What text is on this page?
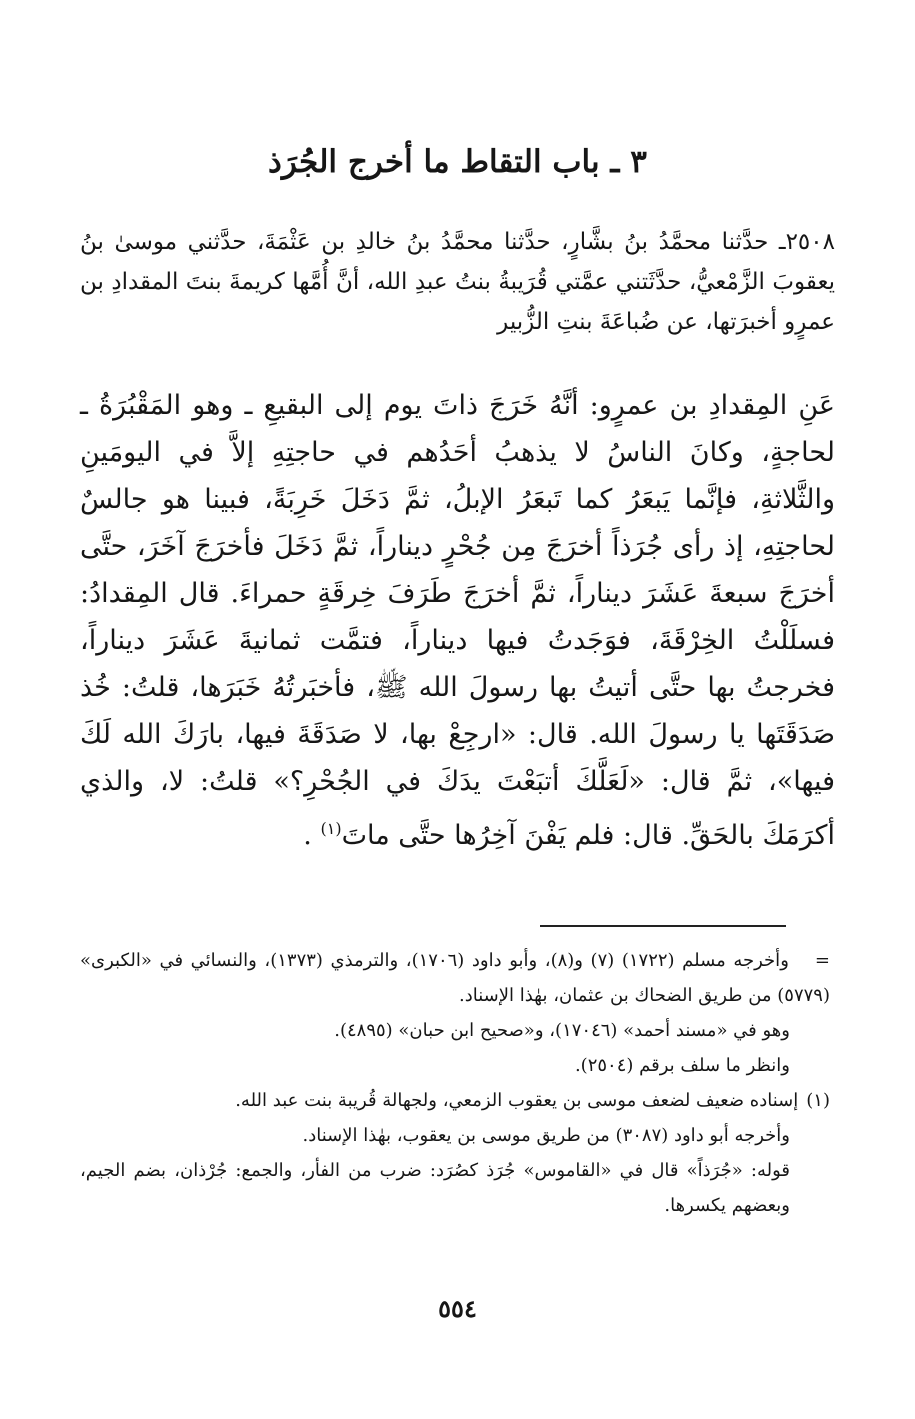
٣ ـ باب التقاط ما أخرج الجُرَذ

٢٥٠٨ـ حدَّثنا محمَّدُ بنُ بشَّارٍ، حدَّثنا محمَّدُ بنُ خالدِ بن عَثْمَةَ، حدَّثني موسىٰ بنُ يعقوبَ الزَّمْعيُّ، حدَّثَتني عمَّتي قُرَيبةُ بنتُ عبدِ الله، أنَّ أُمَّها كريمةَ بنتَ المقدادِ بن عمرٍو أخبرَتها، عن ضُباعَةَ بنتِ الزُّبير

عَنِ المِقدادِ بن عمرٍو: أنَّهُ خَرَجَ ذاتَ يوم إلى البقيعِ ـ وهو المَقْبُرَةُ ـ لحاجةٍ، وكانَ الناسُ لا يذهبُ أحَدُهم في حاجتِهِ إلاَّ في اليومَينِ والثَّلاثةِ، فإنَّما يَبعَرُ كما تَبعَرُ الإبلُ، ثمَّ دَخَلَ خَرِبَةً، فبينا هو جالسٌ لحاجتِهِ، إذ رأى جُرَذاً أخرَجَ مِن جُحْرٍ ديناراً، ثمَّ دَخَلَ فأخرَجَ آخَرَ، حتَّى أخرَجَ سبعةَ عَشَرَ ديناراً، ثمَّ أخرَجَ طَرَفَ خِرقَةٍ حمراءَ. قال المِقدادُ: فسلَلْتُ الخِرْقَةَ، فوَجَدتُ فيها ديناراً، فتمَّت ثمانيةَ عَشَرَ ديناراً، فخرجتُ بها حتَّى أتيتُ بها رسولَ الله ﷺ، فأخبَرتُهُ خَبَرَها، قلتُ: خُذ صَدَقَتَها يا رسولَ الله. قال: «ارجِعْ بها، لا صَدَقَةَ فيها، بارَكَ الله لَكَ فيها»، ثمَّ قال: «لَعَلَّكَ أتبَعْتَ يدَكَ في الجُحْرِ؟» قلتُ: لا، والذي أكرَمَكَ بالحَقِّ. قال: فلم يَفْنَ آخِرُها حتَّى ماتَ$^{(١)}$ .

=وأخرجه مسلم (١٧٢٢) (٧) و(٨)، وأبو داود (١٧٠٦)، والترمذي (١٣٧٣)، والنسائي في «الكبرى» (٥٧٧٩) من طريق الضحاك بن عثمان، بهٰذا الإسناد.

وهو في «مسند أحمد» (١٧٠٤٦)، و«صحيح ابن حبان» (٤٨٩٥).

وانظر ما سلف برقم (٢٥٠٤).

(١)إسناده ضعيف لضعف موسى بن يعقوب الزمعي، ولجهالة قُريبة بنت عبد الله.

وأخرجه أبو داود (٣٠٨٧) من طريق موسى بن يعقوب، بهٰذا الإسناد.

قوله: «جُرَذاً» قال في «القاموس» جُرَذ كصُرَد: ضرب من الفأر، والجمع: جُرْذان، بضم الجيم، وبعضهم يكسرها.

٥٥٤
